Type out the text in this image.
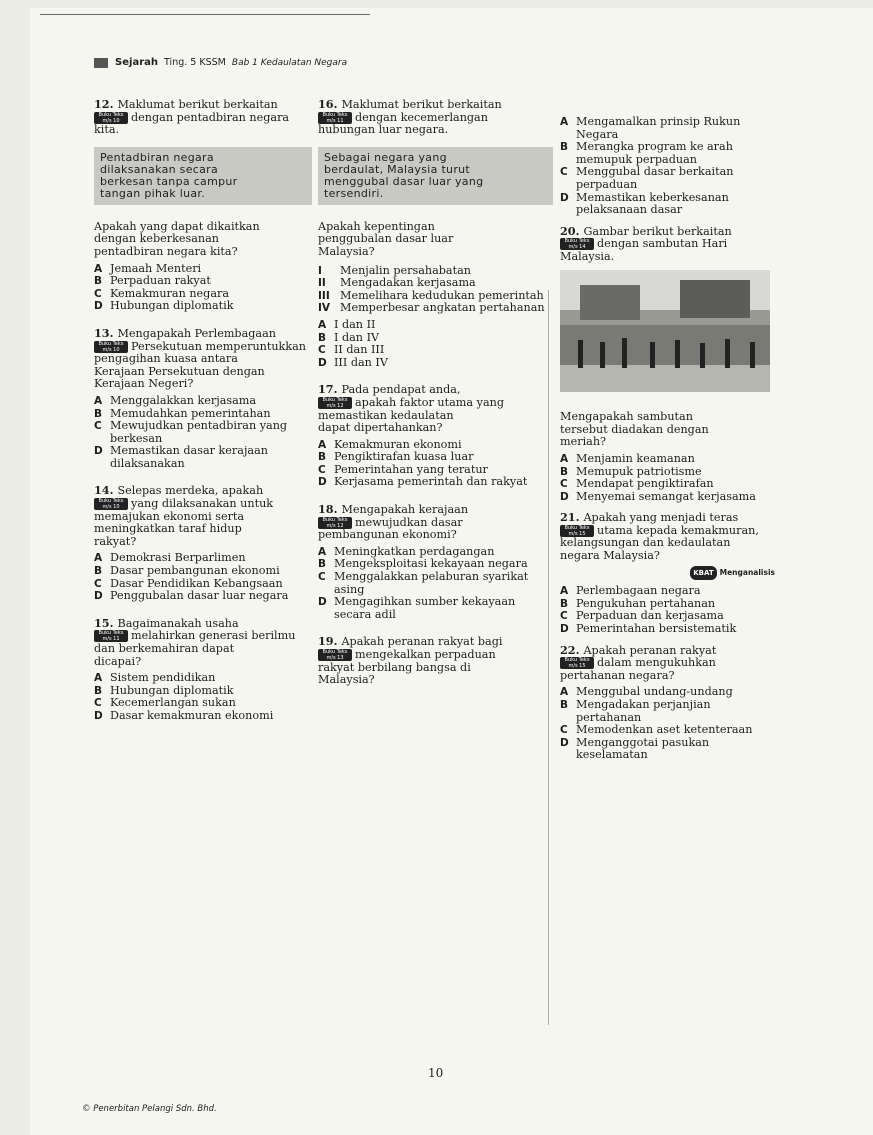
Sejarah Ting. 5 KSSM Bab 1 Kedaulatan Negara
12. Maklumat berikut berkaitan
Buku Teks
m/s 10 dengan pentadbiran negara
kita.
Pentadbiran negara
dilaksanakan secara
berkesan tanpa campur
tangan pihak luar.
Apakah yang dapat dikaitkan
dengan keberkesanan
pentadbiran negara kita?
A Jemaah Menteri
B Perpaduan rakyat
C Kemakmuran negara
D Hubungan diplomatik
13. Mengapakah Perlembagaan
Buku Teks
m/s 10 Persekutuan memperuntukkan
pengagihan kuasa antara
Kerajaan Persekutuan dengan
Kerajaan Negeri?
A Menggalakkan kerjasama
B Memudahkan pemerintahan
C Mewujudkan pentadbiran yang berkesan
D Memastikan dasar kerajaan dilaksanakan
14. Selepas merdeka, apakah
Buku Teks
m/s 10 yang dilaksanakan untuk
memajukan ekonomi serta
meningkatkan taraf hidup
rakyat?
A Demokrasi Berparlimen
B Dasar pembangunan ekonomi
C Dasar Pendidikan Kebangsaan
D Penggubalan dasar luar negara
15. Bagaimanakah usaha
Buku Teks
m/s 11 melahirkan generasi berilmu
dan berkemahiran dapat
dicapai?
A Sistem pendidikan
B Hubungan diplomatik
C Kecemerlangan sukan
D Dasar kemakmuran ekonomi
16. Maklumat berikut berkaitan
Buku Teks
m/s 11 dengan kecemerlangan
hubungan luar negara.
Sebagai negara yang
berdaulat, Malaysia turut
menggubal dasar luar yang
tersendiri.
Apakah kepentingan
penggubalan dasar luar
Malaysia?
I	Menjalin persahabatan
II	Mengadakan kerjasama
III Memelihara kedudukan pemerintah
IV Memperbesar angkatan pertahanan
A I dan II
B I dan IV
C II dan III
D III dan IV
17. Pada pendapat anda,
Buku Teks
m/s 12 apakah faktor utama yang
memastikan kedaulatan
dapat dipertahankan?
A Kemakmuran ekonomi
B Pengiktirafan kuasa luar
C Pemerintahan yang teratur
D Kerjasama pemerintah dan rakyat
18. Mengapakah kerajaan
Buku Teks
m/s 12 mewujudkan dasar
pembangunan ekonomi?
A Meningkatkan perdagangan
B Mengeksploitasi kekayaan negara
C Menggalakkan pelaburan syarikat asing
D Mengagihkan sumber kekayaan secara adil
19. Apakah peranan rakyat bagi
Buku Teks
m/s 13 mengekalkan perpaduan
rakyat berbilang bangsa di
Malaysia?
A Mengamalkan prinsip Rukun Negara
B Merangka program ke arah memupuk perpaduan
C Menggubal dasar berkaitan perpaduan
D Memastikan keberkesanan pelaksanaan dasar
20. Gambar berikut berkaitan
Buku Teks
m/s 14 dengan sambutan Hari
Malaysia.
Mengapakah sambutan
tersebut diadakan dengan
meriah?
A Menjamin keamanan
B Memupuk patriotisme
C Mendapat pengiktirafan
D Menyemai semangat kerjasama
21. Apakah yang menjadi teras
Buku Teks
m/s 15 utama kepada kemakmuran,
kelangsungan dan kedaulatan
negara Malaysia?
KBAT Menganalisis
A Perlembagaan negara
B Pengukuhan pertahanan
C Perpaduan dan kerjasama
D Pemerintahan bersistematik
22. Apakah peranan rakyat
Buku Teks
m/s 15 dalam mengukuhkan
pertahanan negara?
A Menggubal undang-undang
B Mengadakan perjanjian pertahanan
C Memodenkan aset ketenteraan
D Menganggotai pasukan keselamatan
10
© Penerbitan Pelangi Sdn. Bhd.
